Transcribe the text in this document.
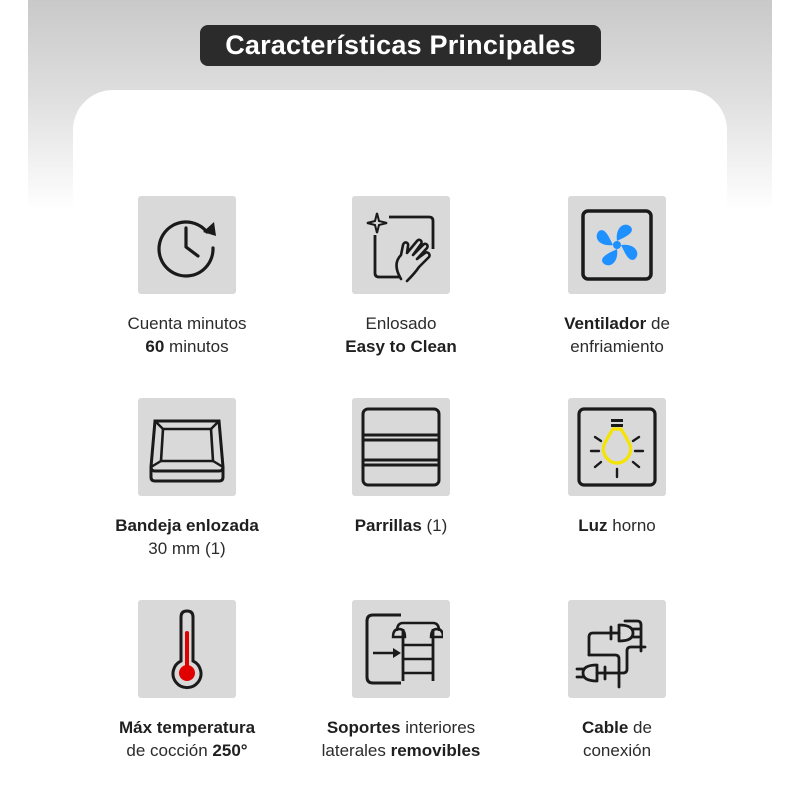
Características Principales
Cuenta minutos
60 minutos
Enlosado
Easy to Clean
Ventilador de
enfriamiento
Bandeja enlozada
30 mm (1)
Parrillas (1)	Luz horno
Máx temperatura
de cocción 250°
Soportes interiores
laterales removibles
Cable de
conexión
